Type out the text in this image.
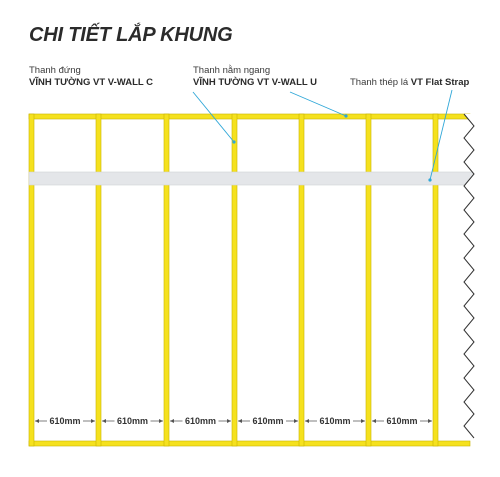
CHI TIẾT LẮP KHUNG
Thanh đứng
VĨNH TƯỜNG VT V-WALL C
Thanh nằm ngang
VĨNH TƯỜNG VT V-WALL U	Thanh thép lá VT Flat Strap
610mm	610mm	610mm	610mm	610mm	610mm
